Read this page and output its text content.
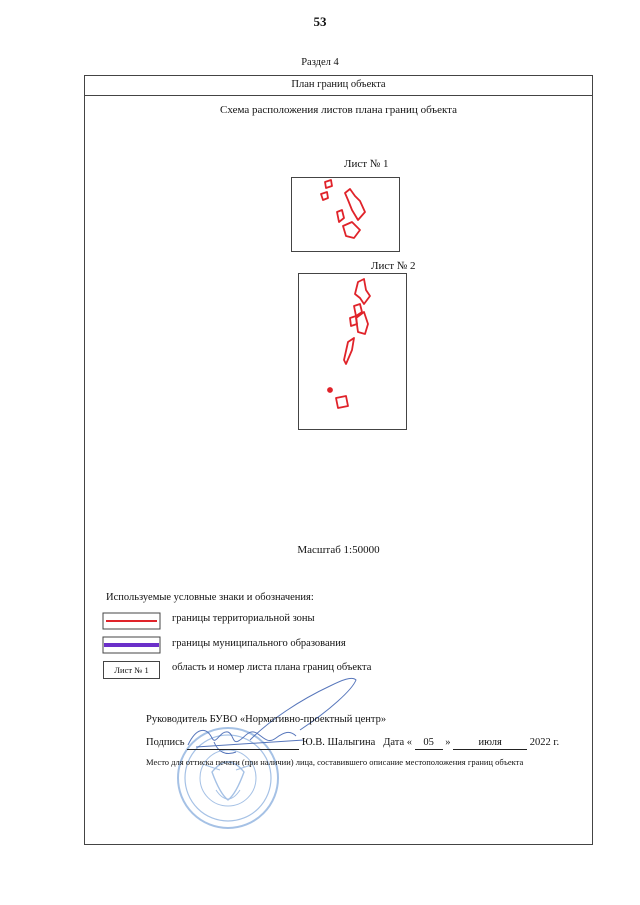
53
Раздел 4
План границ объекта
Схема расположения листов плана границ объекта
Лист № 1
Лист № 2
Масштаб 1:50000
Используемые условные знаки и обозначения:
границы территориальной зоны
границы муниципального образования
Лист № 1	область и номер листа плана границ объекта
Руководитель БУВО «Нормативно-проектный центр»
Подпись	Ю.В. Шалыгина Дата « 05 »	июля	2022 г.
Место для оттиска печати (при наличии) лица, составившего описание местоположения границ объекта
